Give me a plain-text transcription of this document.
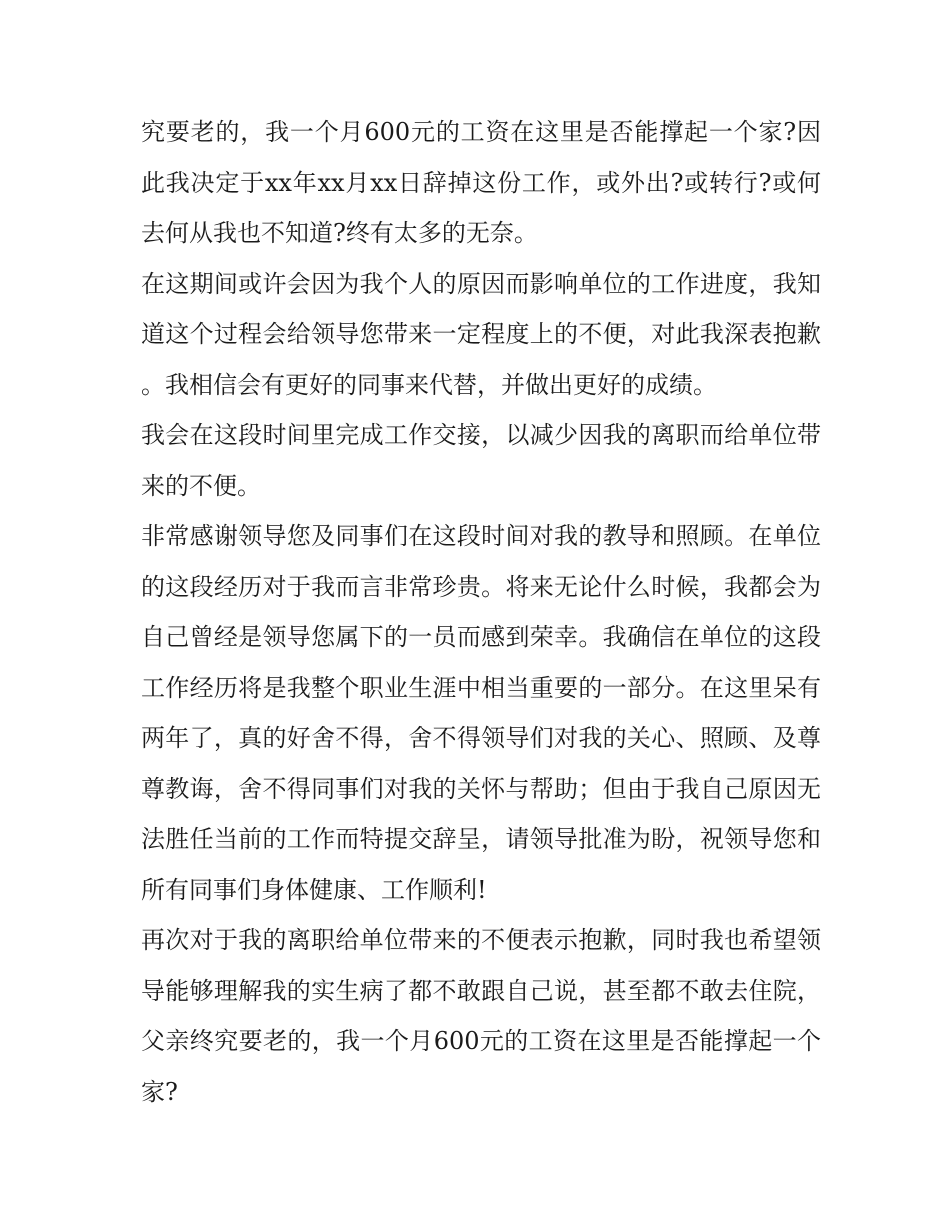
究要老的，我一个月600元的工资在这里是否能撑起一个家?因此我决定于xx年xx月xx日辞掉这份工作，或外出?或转行?或何去何从我也不知道?终有太多的无奈。

在这期间或许会因为我个人的原因而影响单位的工作进度，我知道这个过程会给领导您带来一定程度上的不便，对此我深表抱歉。我相信会有更好的同事来代替，并做出更好的成绩。

我会在这段时间里完成工作交接，以减少因我的离职而给单位带来的不便。

非常感谢领导您及同事们在这段时间对我的教导和照顾。在单位的这段经历对于我而言非常珍贵。将来无论什么时候，我都会为自己曾经是领导您属下的一员而感到荣幸。我确信在单位的这段工作经历将是我整个职业生涯中相当重要的一部分。在这里呆有两年了，真的好舍不得，舍不得领导们对我的关心、照顾、及尊尊教诲，舍不得同事们对我的关怀与帮助；但由于我自己原因无法胜任当前的工作而特提交辞呈，请领导批准为盼，祝领导您和所有同事们身体健康、工作顺利!

再次对于我的离职给单位带来的不便表示抱歉，同时我也希望领导能够理解我的实生病了都不敢跟自己说，甚至都不敢去住院，父亲终究要老的，我一个月600元的工资在这里是否能撑起一个家?
